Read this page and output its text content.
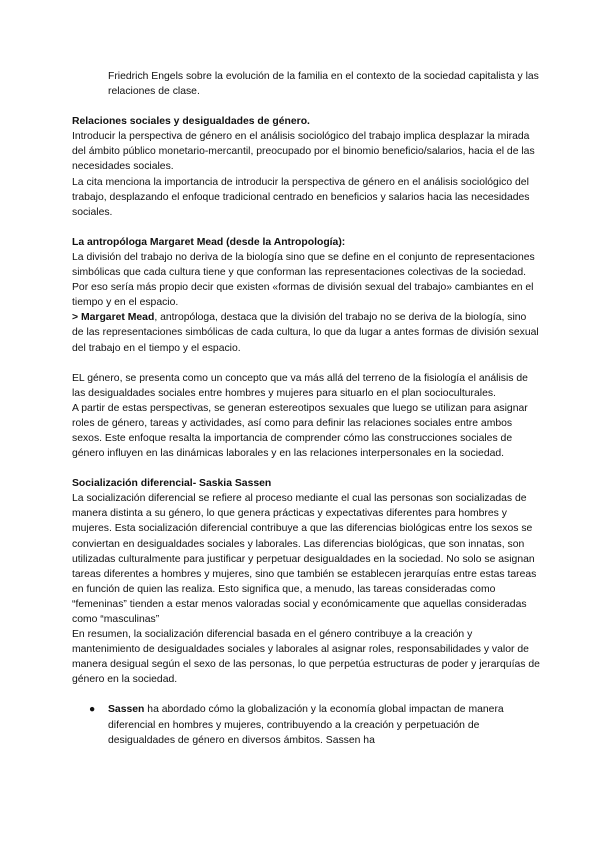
Friedrich Engels sobre la evolución de la familia en el contexto de la sociedad capitalista y las relaciones de clase.

Relaciones sociales y desigualdades de género.

Introducir la perspectiva de género en el análisis sociológico del trabajo implica desplazar la mirada del ámbito público monetario-mercantil, preocupado por el binomio beneficio/salarios, hacia el de las necesidades sociales.

La cita menciona la importancia de introducir la perspectiva de género en el análisis sociológico del trabajo, desplazando el enfoque tradicional centrado en beneficios y salarios hacia las necesidades sociales.

La antropóloga Margaret Mead (desde la Antropología):

La división del trabajo no deriva de la biología sino que se define en el conjunto de representaciones simbólicas que cada cultura tiene y que conforman las representaciones colectivas de la sociedad. Por eso sería más propio decir que existen «formas de división sexual del trabajo» cambiantes en el tiempo y en el espacio.

> Margaret Mead, antropóloga, destaca que la división del trabajo no se deriva de la biología, sino de las representaciones simbólicas de cada cultura, lo que da lugar a antes formas de división sexual del trabajo en el tiempo y el espacio.

EL género, se presenta como un concepto que va más allá del terreno de la fisiología el análisis de las desigualdades sociales entre hombres y mujeres para situarlo en el plan socioculturales.

A partir de estas perspectivas, se generan estereotipos sexuales que luego se utilizan para asignar roles de género, tareas y actividades, así como para definir las relaciones sociales entre ambos sexos. Este enfoque resalta la importancia de comprender cómo las construcciones sociales de género influyen en las dinámicas laborales y en las relaciones interpersonales en la sociedad.

Socialización diferencial- Saskia Sassen

La socialización diferencial se refiere al proceso mediante el cual las personas son socializadas de manera distinta a su género, lo que genera prácticas y expectativas diferentes para hombres y mujeres. Esta socialización diferencial contribuye a que las diferencias biológicas entre los sexos se conviertan en desigualdades sociales y laborales. Las diferencias biológicas, que son innatas, son utilizadas culturalmente para justificar y perpetuar desigualdades en la sociedad. No solo se asignan tareas diferentes a hombres y mujeres, sino que también se establecen jerarquías entre estas tareas en función de quien las realiza. Esto significa que, a menudo, las tareas consideradas como “femeninas” tienden a estar menos valoradas social y económicamente que aquellas consideradas como “masculinas”

En resumen, la socialización diferencial basada en el género contribuye a la creación y mantenimiento de desigualdades sociales y laborales al asignar roles, responsabilidades y valor de manera desigual según el sexo de las personas, lo que perpetúa estructuras de poder y jerarquías de género en la sociedad.

●	Sassen ha abordado cómo la globalización y la economía global impactan de manera diferencial en hombres y mujeres, contribuyendo a la creación y perpetuación de desigualdades de género en diversos ámbitos. Sassen ha
